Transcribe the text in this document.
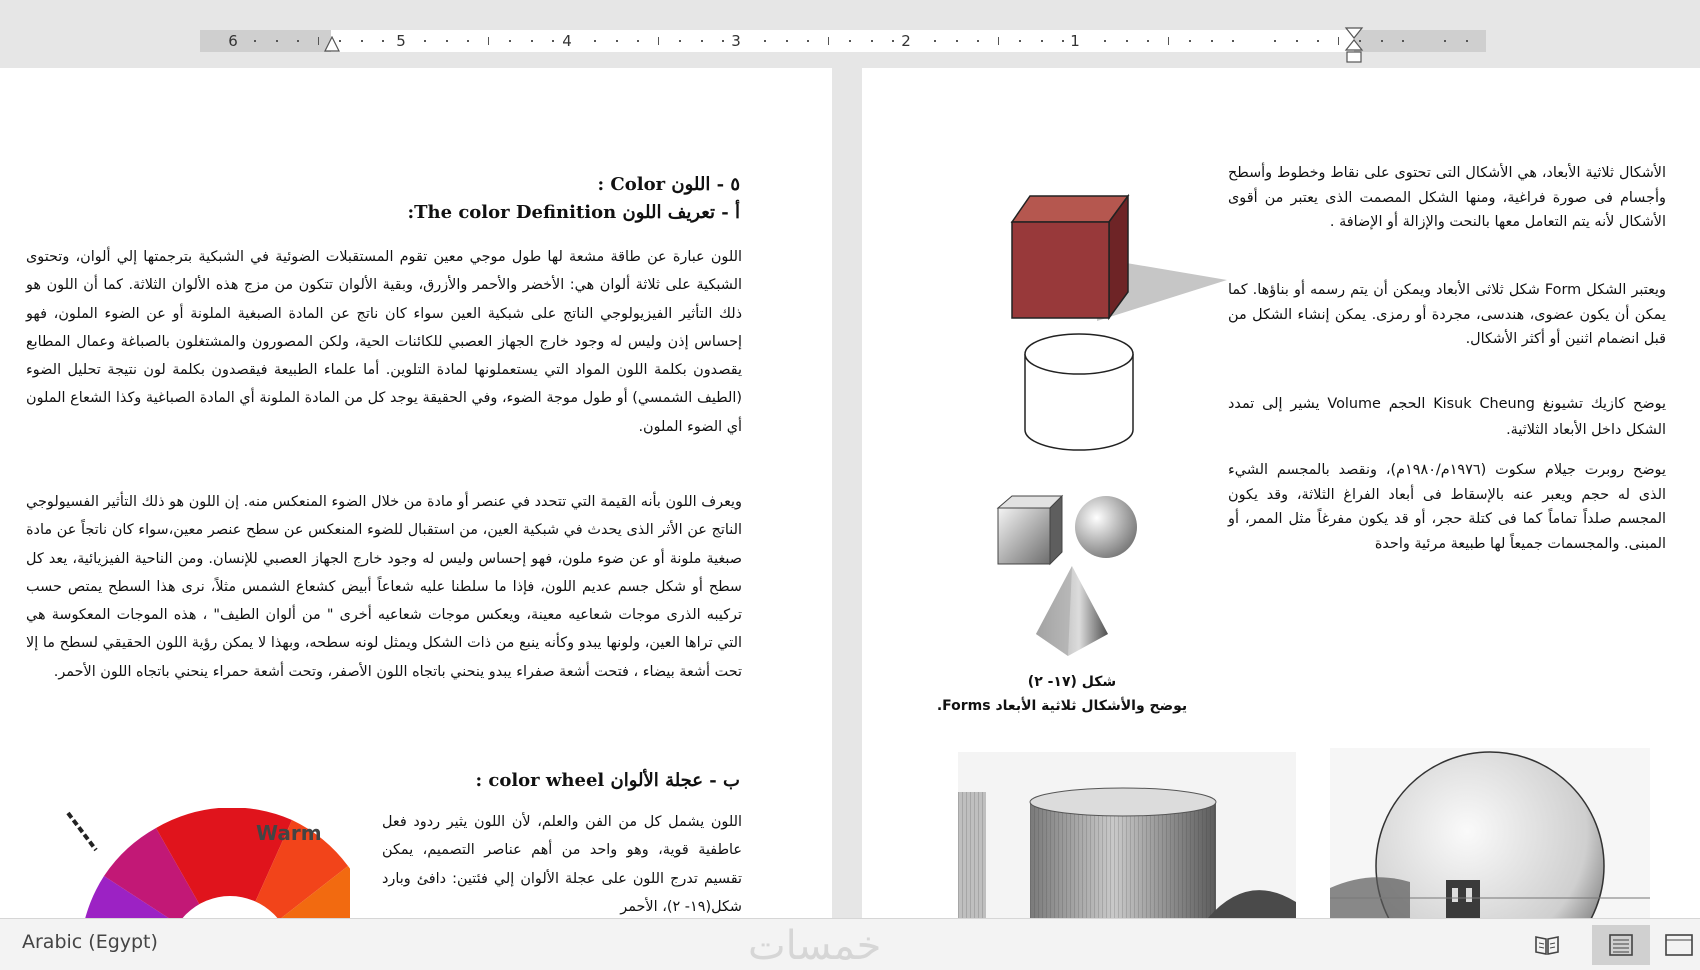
6	5	4	3	2	1
٥ - اللون Color :
أ - تعريف اللون The color Definition:

اللون عبارة عن طاقة مشعة لها طول موجي معين تقوم المستقبلات الضوئية في الشبكية بترجمتها إلي ألوان، وتحتوى الشبكية على ثلاثة ألوان هي: الأخضر والأحمر والأزرق، وبقية الألوان تتكون من مزج هذه الألوان الثلاثة. كما أن اللون هو ذلك التأثير الفيزيولوجي الناتج على شبكية العين سواء كان ناتج عن المادة الصبغية الملونة أو عن الضوء الملون، فهو إحساس إذن وليس له وجود خارج الجهاز العصبي للكائنات الحية، ولكن المصورون والمشتغلون بالصباغة وعمال المطابع يقصدون بكلمة اللون المواد التي يستعملونها لمادة التلوين. أما علماء الطبيعة فيقصدون بكلمة لون نتيجة تحليل الضوء (الطيف الشمسي) أو طول موجة الضوء، وفي الحقيقة يوجد كل من المادة الملونة أي المادة الصباغية وكذا الشعاع الملون أي الضوء الملون.

ويعرف اللون بأنه القيمة التي تتحدد في عنصر أو مادة من خلال الضوء المنعكس منه. إن اللون هو ذلك التأثير الفسيولوجي الناتج عن الأثر الذى يحدث في شبكية العين، من استقبال للضوء المنعكس عن سطح عنصر معين،سواء كان ناتجاً عن مادة صبغية ملونة أو عن ضوء ملون، فهو إحساس وليس له وجود خارج الجهاز العصبي للإنسان. ومن الناحية الفيزيائية، يعد كل سطح أو شكل جسم عديم اللون، فإذا ما سلطنا عليه شعاعاً أبيض كشعاع الشمس مثلاً، نرى هذا السطح يمتص حسب تركيبه الذرى موجات شعاعيه معينة، ويعكس موجات شعاعيه أخرى " من ألوان الطيف" ، هذه الموجات المعكوسة هي التي تراها العين، ولونها يبدو وكأنه ينبع من ذات الشكل ويمثل لونه سطحه، وبهذا لا يمكن رؤية اللون الحقيقي لسطح ما إلا تحت أشعة بيضاء ، فتحت أشعة صفراء يبدو ينحني باتجاه اللون الأصفر، وتحت أشعة حمراء ينحني باتجاه اللون الأحمر.

ب - عجلة الألوان color wheel :

اللون يشمل كل من الفن والعلم، لأن اللون يثير ردود فعل عاطفية قوية، وهو واحد من أهم عناصر التصميم، يمكن تقسيم تدرج اللون على عجلة الألوان إلي فئتين: دافئ وبارد شكل(١٩- ٢)، الأحمر

Warm

الأشكال ثلاثية الأبعاد، هي الأشكال التى تحتوى على نقاط وخطوط وأسطح وأجسام فى صورة فراغية، ومنها الشكل المصمت الذى يعتبر من أقوى الأشكال لأنه يتم التعامل معها بالنحت والإزالة أو الإضافة .

ويعتبر الشكل Form شكل ثلاثى الأبعاد ويمكن أن يتم رسمه أو بناؤها. كما يمكن أن يكون عضوى، هندسى، مجردة أو رمزى. يمكن إنشاء الشكل من قبل انضمام اثنين أو أكثر الأشكال.

يوضح كازيك تشيونغ Kisuk Cheung الحجم Volume يشير إلى تمدد الشكل داخل الأبعاد الثلاثية.

يوضح روبرت جيلام سكوت (١٩٧٦م/١٩٨٠م)، ونقصد بالمجسم الشيء الذى له حجم ويعبر عنه بالإسقاط فى أبعاد الفراغ الثلاثة، وقد يكون المجسم صلداً تماماً كما فى كتلة حجر، أو قد يكون مفرغاً مثل الممر، أو المبنى. والمجسمات جميعاً لها طبيعة مرئية واحدة

شكل (١٧- ٢)
يوضح والأشكال ثلاثية الأبعاد Forms.
Arabic (Egypt)	خمسات
